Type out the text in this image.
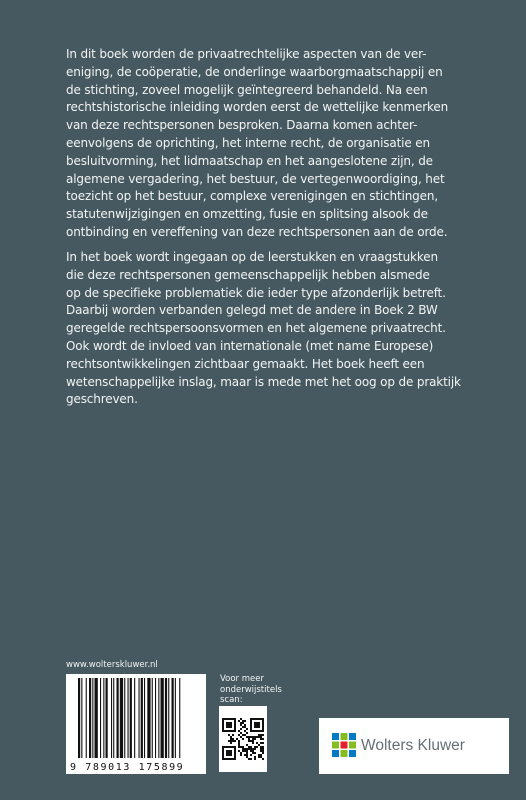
In dit boek worden de privaatrechtelijke aspecten van de ver-

eniging, de coöperatie, de onderlinge waarborgmaatschappij en

de stichting, zoveel mogelijk geïntegreerd behandeld. Na een

rechtshistorische inleiding worden eerst de wettelijke kenmerken

van deze rechtspersonen besproken. Daarna komen achter-

eenvolgens de oprichting, het interne recht, de organisatie en

besluitvorming, het lidmaatschap en het aangeslotene zijn, de

algemene vergadering, het bestuur, de vertegenwoordiging, het

toezicht op het bestuur, complexe verenigingen en stichtingen,

statutenwijzigingen en omzetting, fusie en splitsing alsook de

ontbinding en vereffening van deze rechtspersonen aan de orde.

In het boek wordt ingegaan op de leerstukken en vraagstukken

die deze rechtspersonen gemeenschappelijk hebben alsmede

op de specifieke problematiek die ieder type afzonderlijk betreft.

Daarbij worden verbanden gelegd met de andere in Boek 2 BW

geregelde rechtspersoonsvormen en het algemene privaatrecht.

Ook wordt de invloed van internationale (met name Europese)

rechtsontwikkelingen zichtbaar gemaakt. Het boek heeft een

wetenschappelijke inslag, maar is mede met het oog op de praktijk

geschreven.

www.wolterskluwer.nl
9 789013 175899
Voor meer
onderwijstitels
scan:
Wolters Kluwer
